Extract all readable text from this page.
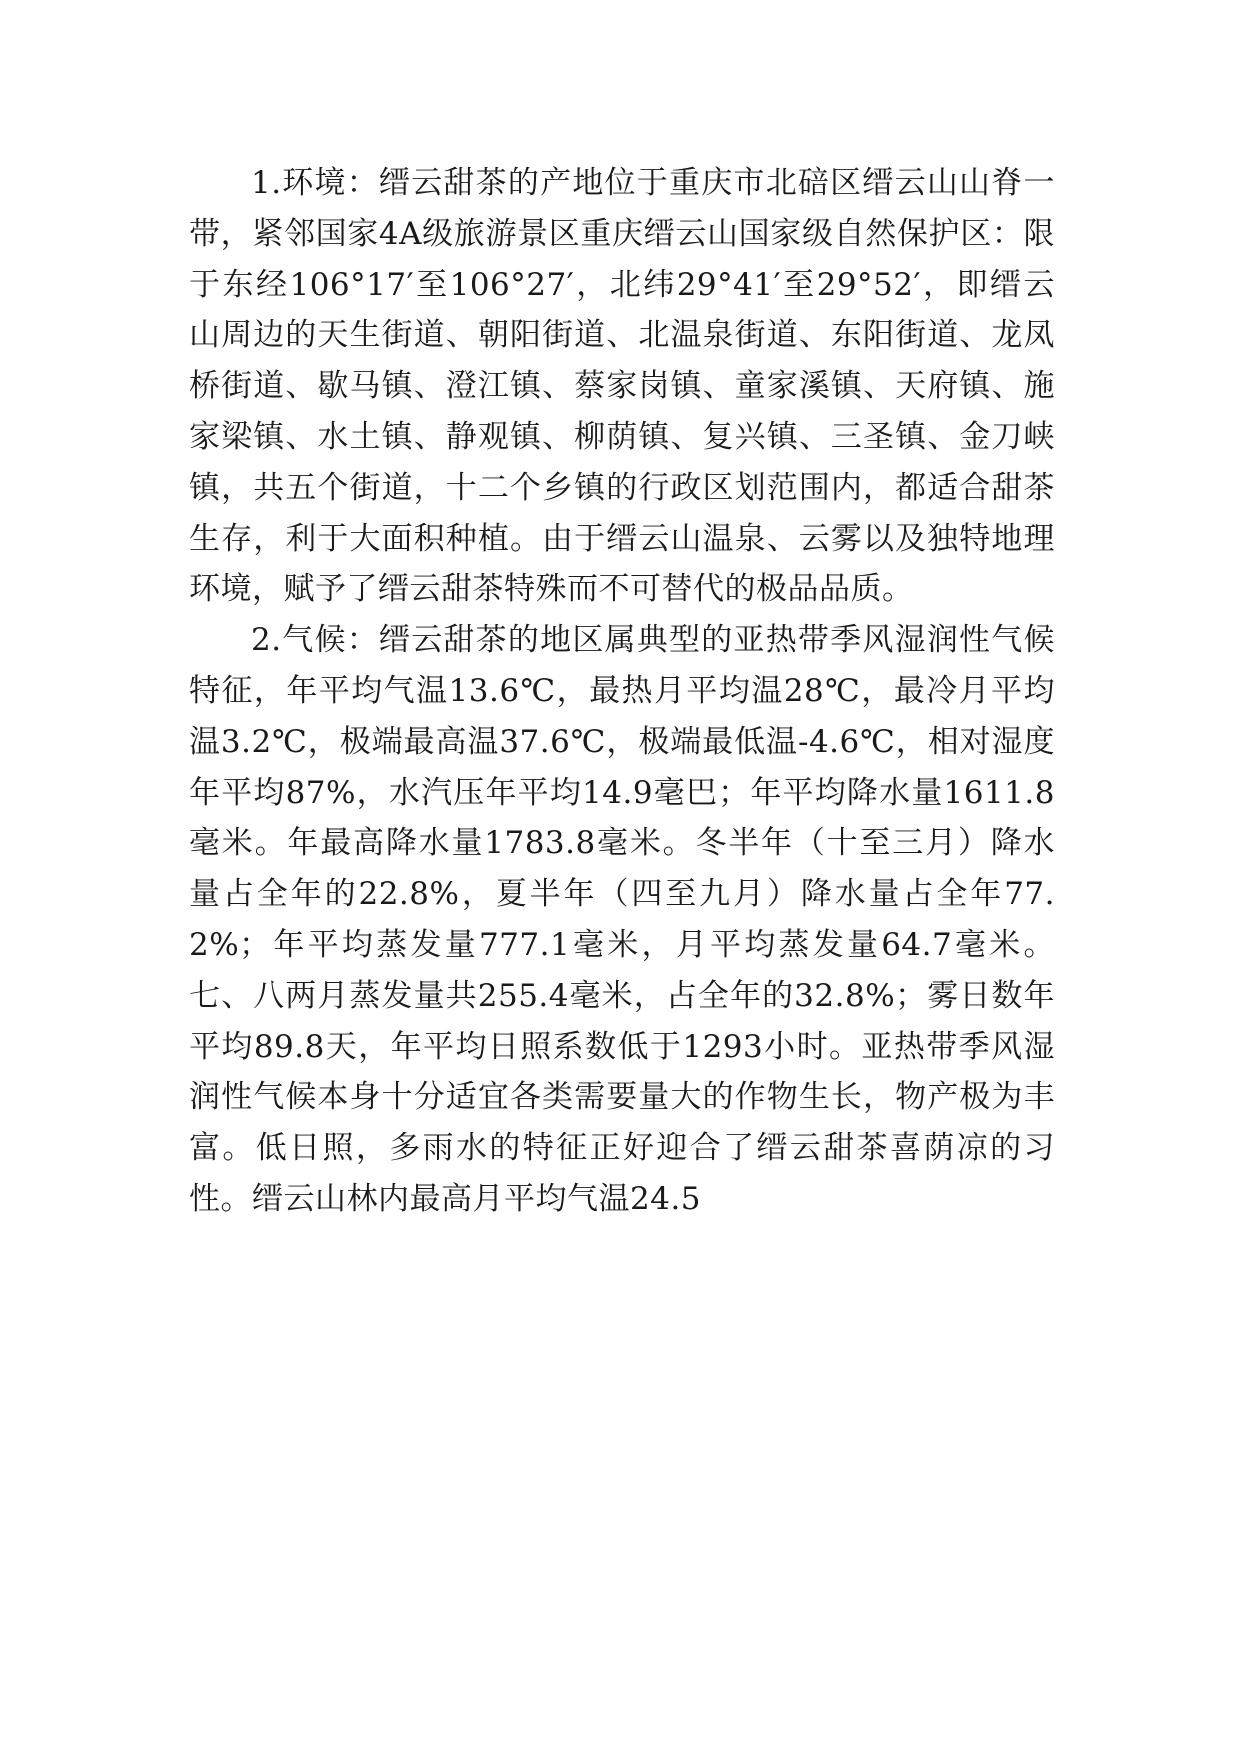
1.环境：缙云甜茶的产地位于重庆市北碚区缙云山山脊一带，紧邻国家4A级旅游景区重庆缙云山国家级自然保护区：限于东经106°17′至106°27′，北纬29°41′至29°52′，即缙云山周边的天生街道、朝阳街道、北温泉街道、东阳街道、龙凤桥街道、歇马镇、澄江镇、蔡家岗镇、童家溪镇、天府镇、施家梁镇、水土镇、静观镇、柳荫镇、复兴镇、三圣镇、金刀峡镇，共五个街道，十二个乡镇的行政区划范围内，都适合甜茶生存，利于大面积种植。由于缙云山温泉、云雾以及独特地理环境，赋予了缙云甜茶特殊而不可替代的极品品质。

2.气候：缙云甜茶的地区属典型的亚热带季风湿润性气候特征，年平均气温13.6℃，最热月平均温28℃，最冷月平均温3.2℃，极端最高温37.6℃，极端最低温-4.6℃，相对湿度年平均87%，水汽压年平均14.9毫巴；年平均降水量1611.8毫米。年最高降水量1783.8毫米。冬半年（十至三月）降水量占全年的22.8%，夏半年（四至九月）降水量占全年77.2%；年平均蒸发量777.1毫米，月平均蒸发量64.7毫米。七、八两月蒸发量共255.4毫米，占全年的32.8%；雾日数年平均89.8天，年平均日照系数低于1293小时。亚热带季风湿润性气候本身十分适宜各类需要量大的作物生长，物产极为丰富。低日照，多雨水的特征正好迎合了缙云甜茶喜荫凉的习性。缙云山林内最高月平均气温24.5
